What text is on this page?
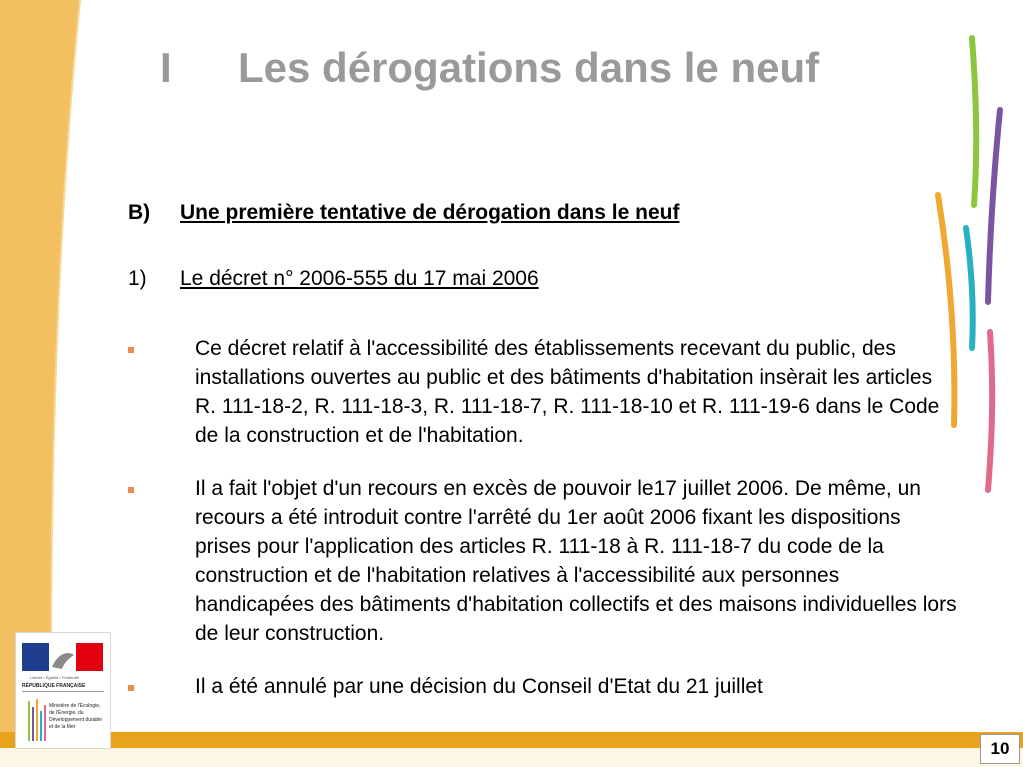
I Les dérogations dans le neuf
B)	Une première tentative de dérogation dans le neuf
1)	Le décret n° 2006-555 du 17 mai 2006
Ce décret relatif à l'accessibilité des établissements recevant du public, des installations ouvertes au public et des bâtiments d'habitation insèrait les articles R. 111-18-2, R. 111-18-3, R. 111-18-7, R. 111-18-10 et R. 111-19-6 dans le Code de la construction et de l'habitation.
Il a fait l'objet d'un recours en excès de pouvoir le17 juillet 2006. De même, un recours a été introduit contre l'arrêté du 1er août 2006 fixant les dispositions prises pour l'application des articles R. 111-18 à R. 111-18-7 du code de la construction et de l'habitation relatives à l'accessibilité aux personnes handicapées des bâtiments d'habitation collectifs et des maisons individuelles lors de leur construction.
Il a été annulé par une décision du Conseil d'Etat du 21 juillet
Liberté • Égalité • Fraternité
RÉPUBLIQUE FRANÇAISE
Ministère de l'Écologie, de l'Énergie, du Développement durable et de la Mer
10
